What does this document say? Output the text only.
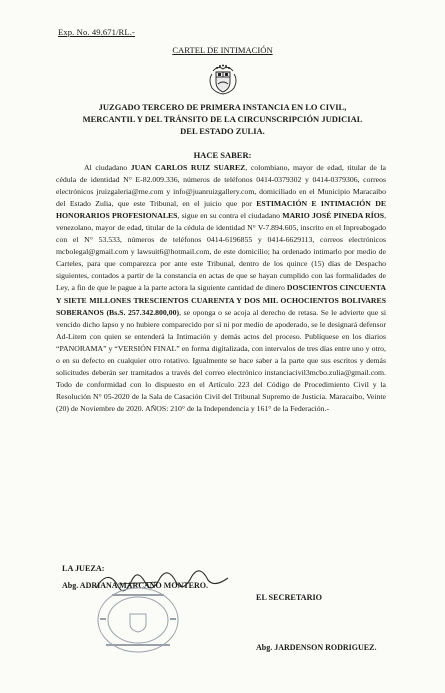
Exp. No. 49.671/RL.-
CARTEL DE INTIMACIÓN
JUZGADO TERCERO DE PRIMERA INSTANCIA EN LO CIVIL,
MERCANTIL Y DEL TRÁNSITO DE LA CIRCUNSCRIPCIÓN JUDICIAL
DEL ESTADO ZULIA.
HACE SABER:
Al ciudadano JUAN CARLOS RUIZ SUAREZ, colombiano, mayor de edad, titular de la cédula de identidad N° E-82.009.336, números de teléfonos 0414-0379302 y 0414-0379306, correos electrónicos jruizgaleria@me.com y info@juanruizgallery.com, domiciliado en el Municipio Maracaibo del Estado Zulia, que este Tribunal, en el juicio que por ESTIMACIÓN E INTIMACIÓN DE HONORARIOS PROFESIONALES, sigue en su contra el ciudadano MARIO JOSÉ PINEDA RÍOS, venezolano, mayor de edad, titular de la cédula de identidad N° V-7.894.605, inscrito en el Inpreabogado con el N° 53.533, números de teléfonos 0414-6196855 y 0414-6629113, correos electrónicos mcbolegal@gmail.com y lawsuit6@hotmail.com, de este domicilio; ha ordenado intimarlo por medio de Carteles, para que comparezca por ante este Tribunal, dentro de los quince (15) días de Despacho siguientes, contados a partir de la constancia en actas de que se hayan cumplido con las formalidades de Ley, a fin de que le pague a la parte actora la siguiente cantidad de dinero DOSCIENTOS CINCUENTA Y SIETE MILLONES TRESCIENTOS CUARENTA Y DOS MIL OCHOCIENTOS BOLIVARES SOBERANOS (Bs.S. 257.342.800,00), se oponga o se acoja al derecho de retasa. Se le advierte que si vencido dicho lapso y no hubiere comparecido por sí ni por medio de apoderado, se le designará defensor Ad-Litem con quien se entenderá la Intimación y demás actos del proceso. Publíquese en los diarios “PANORAMA” y “VERSIÓN FINAL” en forma digitalizada, con intervalos de tres días entre uno y otro, o en su defecto en cualquier otro rotativo. Igualmente se hace saber a la parte que sus escritos y demás solicitudes deberán ser tramitados a través del correo electrónico instanciacivil3mcbo.zulia@gmail.com. Todo de conformidad con lo dispuesto en el Artículo 223 del Código de Procedimiento Civil y la Resolución N° 05-2020 de la Sala de Casación Civil del Tribunal Supremo de Justicia. Maracaibo, Veinte (20) de Noviembre de 2020. AÑOS: 210° de la Independencia y 161° de la Federación.-
LA JUEZA:
Abg. ADRIANA MARCANO MONTERO.
EL SECRETARIO
Abg. JARDENSON RODRIGUEZ.
